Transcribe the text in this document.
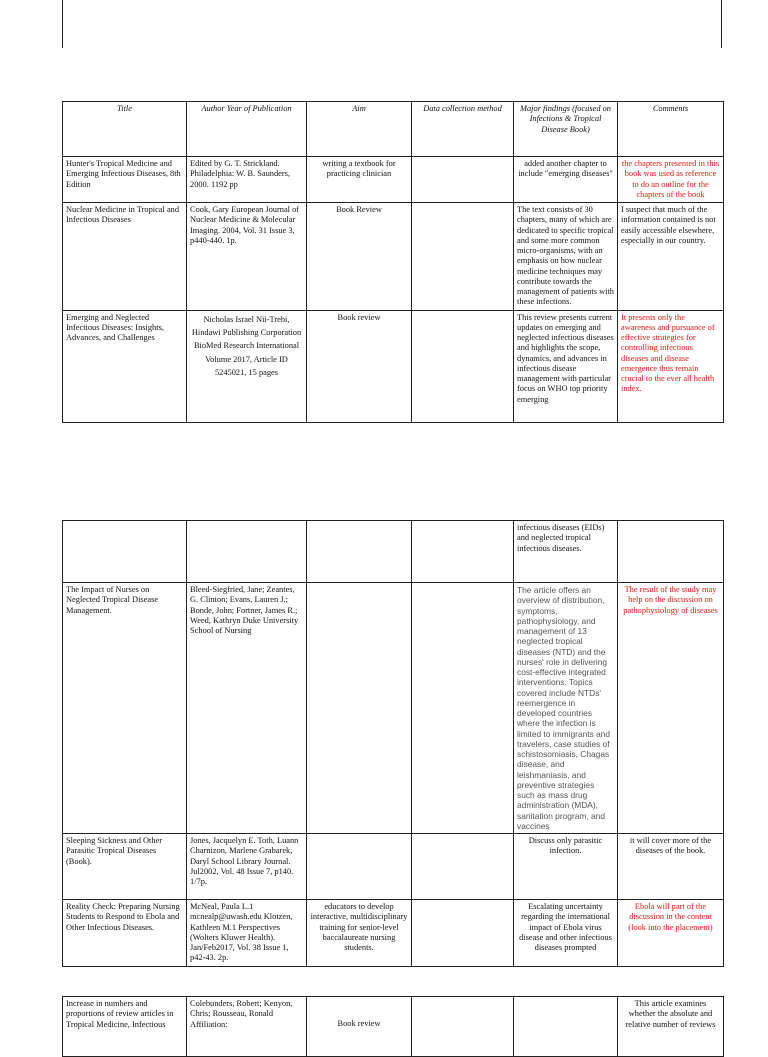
Title	Author Year of Publication	Aim	Data collection method	Major findings (focused on Infections & Tropical Disease Book)	Comments
Hunter's Tropical Medicine and Emerging Infectious Diseases, 8th Edition	Edited by G. T. Strickland. Philadelphia: W. B. Saunders, 2000. 1192 pp	writing a textbook for practicing clinician		added another chapter to include "emerging diseases"	the chapters presented in this book was used as reference to do an outline for the chapters of the book
Nuclear Medicine in Tropical and Infectious Diseases	Cook, Gary European Journal of Nuclear Medicine & Molecular Imaging. 2004, Vol. 31 Issue 3, p440-440. 1p.	Book Review		The text consists of 30 chapters, many of which are dedicated to specific tropical and some more common micro-organisms, with an emphasis on how nuclear medicine techniques may contribute towards the management of patients with these infections.	I suspect that much of the information contained is not easily accessible elsewhere, especially in our country.
Emerging and Neglected Infectious Diseases: Insights, Advances, and Challenges	Nicholas Israel Nii-Trebi, Hindawi Publishing Corporation BioMed Research International Volume 2017, Article ID 5245021, 15 pages	Book review		This review presents current updates on emerging and neglected infectious diseases and highlights the scope, dynamics, and advances in infectious disease management with particular focus on WHO top priority emerging	It presents only the awareness and pursuance of effective strategies for controlling infectious diseases and disease emergence thus remain crucial to the ever all health index.
				infectious diseases (EIDs) and neglected tropical infectious diseases.	
The Impact of Nurses on Neglected Tropical Disease Management.	Bleed-Siegfried, Jane; Zeantes, G. Clinton; Evans, Lauren J.; Bonde, John; Fortner, James R.; Weed, Kathryn Duke University School of Nursing			The article offers an overview of distribution, symptoms, pathophysiology, and management of 13 neglected tropical diseases (NTD) and the nurses' role in delivering cost-effective integrated interventions. Topics covered include NTDs' reemergence in developed countries where the infection is limited to immigrants and travelers, case studies of schistosomiasis, Chagas disease, and leishmaniasis, and preventive strategies such as mass drug administration (MDA), sanitation program, and vaccines	The result of the study may help on the discussion on pathophysiology of diseases
Sleeping Sickness and Other Parasitic Tropical Diseases (Book).	Jones, Jacquelyn E. Toth, Luann Charnizon, Marlene Grabarek, Daryl School Library Journal. Jul2002, Vol. 48 Issue 7, p140. 1/7p.			Discuss only parasitic infection.	it will cover more of the diseases of the book.
Reality Check: Preparing Nursing Students to Respond to Ebola and Other Infectious Diseases.	McNeal, Paula L.1 mcnealp@uwash.edu Klotzen, Kathleen M.1 Perspectives (Wolters Kluwer Health). Jan/Feb2017, Vol. 38 Issue 1, p42-43. 2p.	educators to develop interactive, multidisciplinary training for senior-level baccalaureate nursing students.		Escalating uncertainty regarding the international impact of Ebola virus disease and other infectious diseases prompted	Ebola will part of the discussion in the content (look into the placement)
Increase in numbers and proportions of review articles in Tropical Medicine, Infectious	Colebunders, Robert; Kenyon, Chris; Rousseau, Ronald Affiliation:	Book review			This article examines whether the absolute and relative number of reviews
